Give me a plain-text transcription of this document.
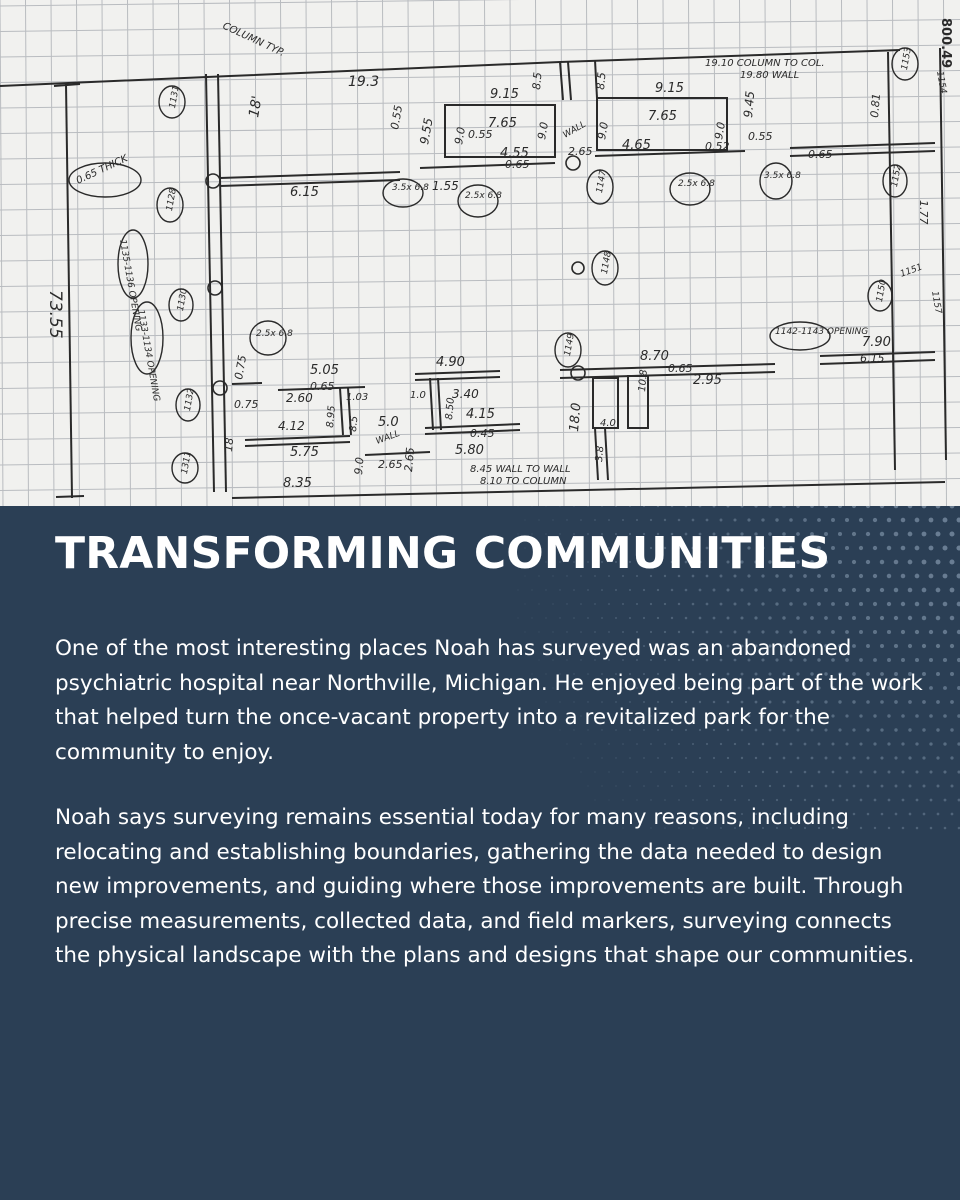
800.49
COLUMN TYP.
19.10 COLUMN TO COL.
19.80 WALL
8.45 WALL TO WALL
8.10 TO COLUMN
1142-1143 OPENING
1135-1136 OPENING
1133-1134 OPENING
0.65 THICK
WALL
WALL
73.55
19.3
18'
6.15
9.15	9.15
7.65	7.65
8.5	8.5
0.55
0.55	0.55
9.55
9.45
9.0	9.0	9.0	9.0
4.55
4.65
0.65
0.65
0.65
0.65
2.65
2.65
0.52
1.55
0.81
1.77
3.5x 6.8
2.5x 6.8
2.5x 6.8
3.5x 6.8
2.5x 6.8
5.05
4.90
3.40
4.15
0.45
5.80
5.0
2.60
4.12
5.75
8.35
0.75
0.75
1.03
8.95 8.5
1.0
8.50	18.0
3.8
4.0
8.70
2.95
7.90
6.15
10.8
9.0
18
2.65
1131
1128
1130
1132
1311
1147
1148
1149
1152
1150
1153
1151
1154
1157
TRANSFORMING COMMUNITIES

One of the most interesting places Noah has surveyed was an abandoned psychiatric hospital near Northville, Michigan. He enjoyed being part of the work that helped turn the once-vacant property into a revitalized park for the community to enjoy.

Noah says surveying remains essential today for many reasons, including relocating and establishing boundaries, gathering the data needed to design new improvements, and guiding where those improvements are built. Through precise measurements, collected data, and field markers, surveying connects the physical landscape with the plans and designs that shape our communities.
